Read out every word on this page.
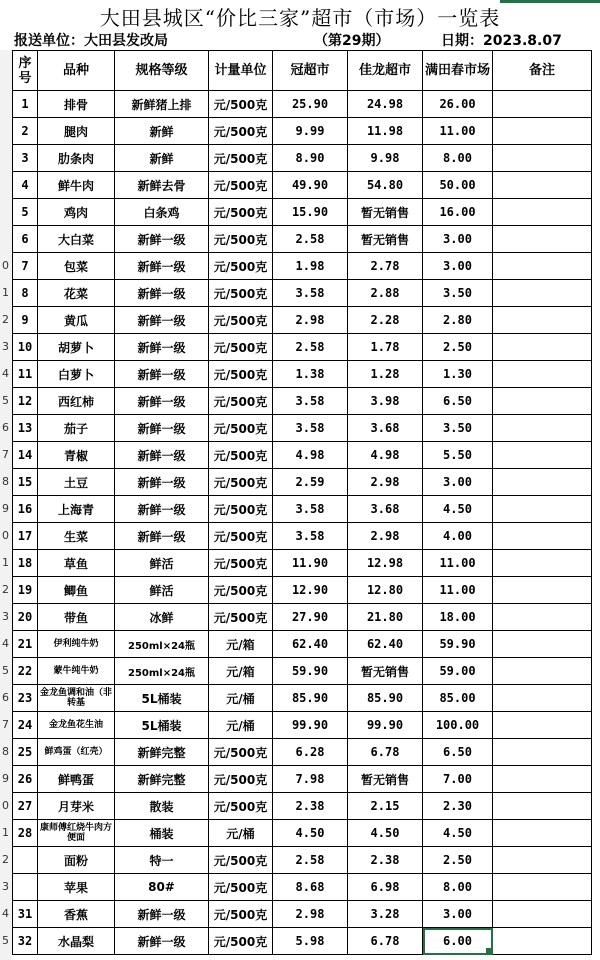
大田县城区“价比三家”超市（市场）一览表
报送单位：大田县发改局	（第29期）	日期：2023.8.07
0
1
2
3
4
5
6
7
8
9
0
1
2
3
4
5
6
7
8
9
0
1
2
3
4
5
序号	品种	规格等级	计量单位	冠超市	佳龙超市	满田春市场	备注
1	排骨	新鲜猪上排	元/500克	25.90	24.98	26.00	
2	腿肉	新鲜	元/500克	9.99	11.98	11.00	
3	肋条肉	新鲜	元/500克	8.90	9.98	8.00	
4	鲜牛肉	新鲜去骨	元/500克	49.90	54.80	50.00	
5	鸡肉	白条鸡	元/500克	15.90	暂无销售	16.00	
6	大白菜	新鲜一级	元/500克	2.58	暂无销售	3.00	
7	包菜	新鲜一级	元/500克	1.98	2.78	3.00	
8	花菜	新鲜一级	元/500克	3.58	2.88	3.50	
9	黄瓜	新鲜一级	元/500克	2.98	2.28	2.80	
10	胡萝卜	新鲜一级	元/500克	2.58	1.78	2.50	
11	白萝卜	新鲜一级	元/500克	1.38	1.28	1.30	
12	西红柿	新鲜一级	元/500克	3.58	3.98	6.50	
13	茄子	新鲜一级	元/500克	3.58	3.68	3.50	
14	青椒	新鲜一级	元/500克	4.98	4.98	5.50	
15	土豆	新鲜一级	元/500克	2.59	2.98	3.00	
16	上海青	新鲜一级	元/500克	3.58	3.68	4.50	
17	生菜	新鲜一级	元/500克	3.58	2.98	4.00	
18	草鱼	鲜活	元/500克	11.90	12.98	11.00	
19	鲫鱼	鲜活	元/500克	12.90	12.80	11.00	
20	带鱼	冰鲜	元/500克	27.90	21.80	18.00	
21	伊利纯牛奶	250ml×24瓶	元/箱	62.40	62.40	59.90	
22	蒙牛纯牛奶	250ml×24瓶	元/箱	59.90	暂无销售	59.00	
23	金龙鱼调和油（非转基	5L桶装	元/桶	85.90	85.90	85.00	
24	金龙鱼花生油	5L桶装	元/桶	99.90	99.90	100.00	
25	鲜鸡蛋（红壳）	新鲜完整	元/500克	6.28	6.78	6.50	
26	鲜鸭蛋	新鲜完整	元/500克	7.98	暂无销售	7.00	
27	月芽米	散装	元/500克	2.38	2.15	2.30	
28	康师傅红烧牛肉方便面	桶装	元/桶	4.50	4.50	4.50	
	面粉	特一	元/500克	2.58	2.38	2.50	
	苹果	80#	元/500克	8.68	6.98	8.00	
31	香蕉	新鲜一级	元/500克	2.98	3.28	3.00	
32	水晶梨	新鲜一级	元/500克	5.98	6.78	6.00	
